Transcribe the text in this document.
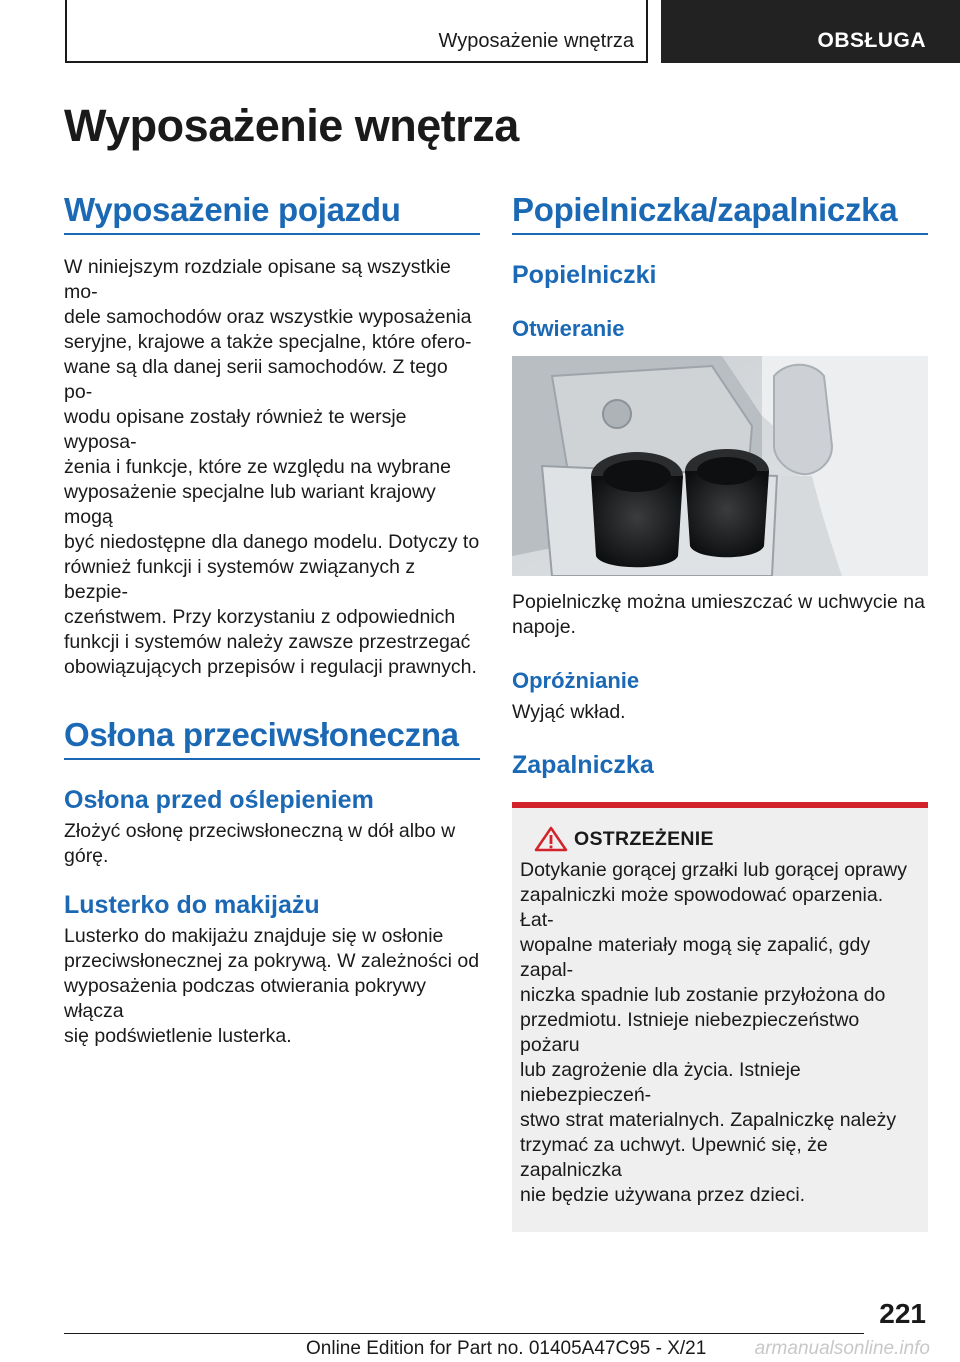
Wyposażenie wnętrza	OBSŁUGA
Wyposażenie wnętrza
Wyposażenie pojazdu

W niniejszym rozdziale opisane są wszystkie mo-
dele samochodów oraz wszystkie wyposażenia
seryjne, krajowe a także specjalne, które ofero-
wane są dla danej serii samochodów. Z tego po-
wodu opisane zostały również te wersje wyposa-
żenia i funkcje, które ze względu na wybrane
wyposażenie specjalne lub wariant krajowy mogą
być niedostępne dla danego modelu. Dotyczy to
również funkcji i systemów związanych z bezpie-
czeństwem. Przy korzystaniu z odpowiednich
funkcji i systemów należy zawsze przestrzegać
obowiązujących przepisów i regulacji prawnych.

Osłona przeciwsłoneczna
Osłona przed oślepieniem

Złożyć osłonę przeciwsłoneczną w dół albo w
górę.

Lusterko do makijażu

Lusterko do makijażu znajduje się w osłonie
przeciwsłonecznej za pokrywą. W zależności od
wyposażenia podczas otwierania pokrywy włącza
się podświetlenie lusterka.

Popielniczka/zapalniczka
Popielniczki
Otwieranie

Popielniczkę można umieszczać w uchwycie na
napoje.

Opróżnianie

Wyjąć wkład.

Zapalniczka
OSTRZEŻENIE

Dotykanie gorącej grzałki lub gorącej oprawy
zapalniczki może spowodować oparzenia. Łat-
wopalne materiały mogą się zapalić, gdy zapal-
niczka spadnie lub zostanie przyłożona do
przedmiotu. Istnieje niebezpieczeństwo pożaru
lub zagrożenie dla życia. Istnieje niebezpieczeń-
stwo strat materialnych. Zapalniczkę należy
trzymać za uchwyt. Upewnić się, że zapalniczka
nie będzie używana przez dzieci.

221
Online Edition for Part no. 01405A47C95 - X/21	armanualsonline.info
